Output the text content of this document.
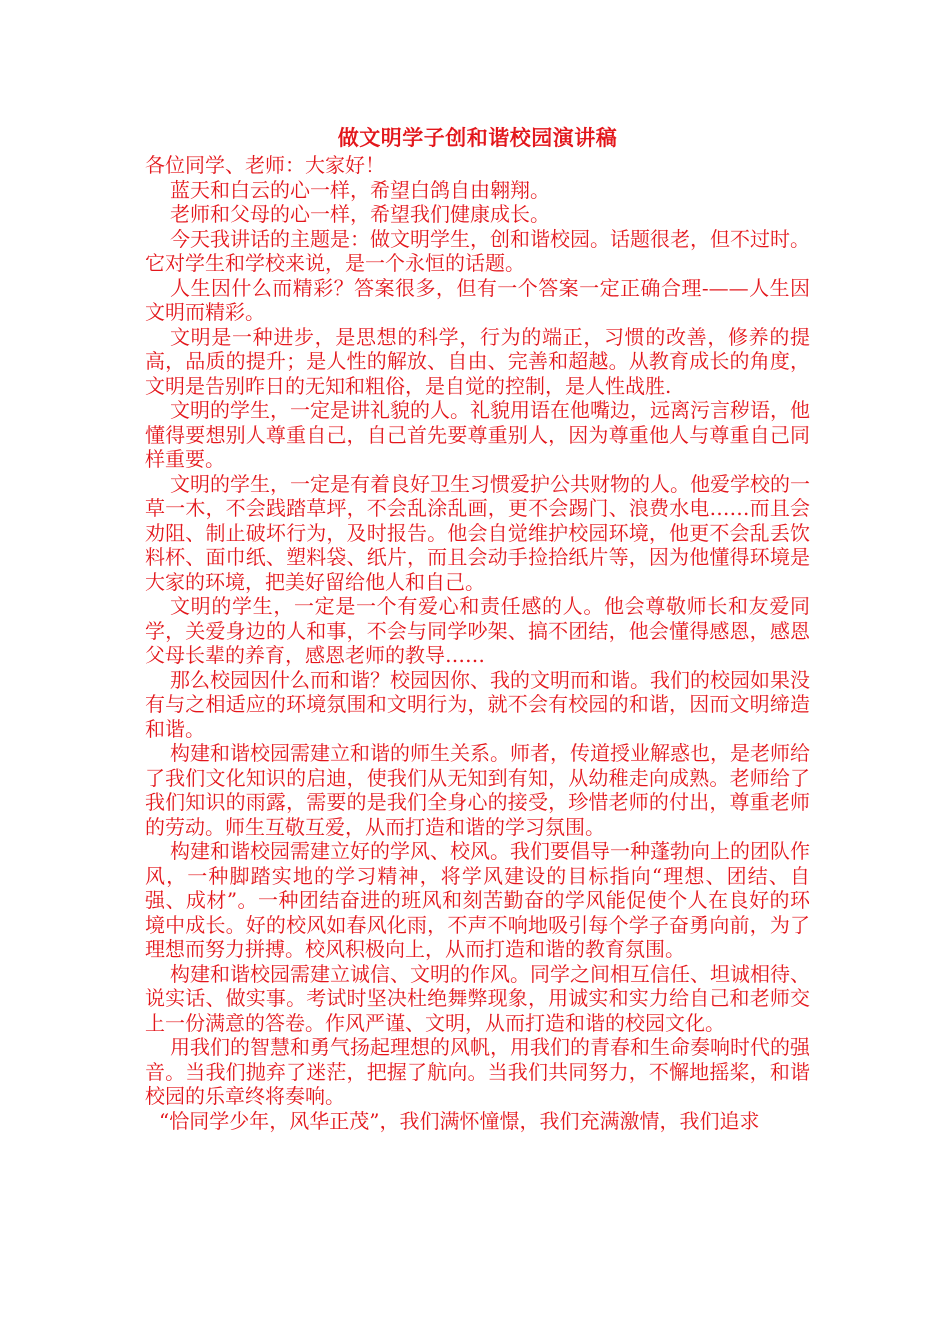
做文明学子创和谐校园演讲稿

各位同学、老师：大家好！

蓝天和白云的心一样，希望白鸽自由翱翔。

老师和父母的心一样，希望我们健康成长。

今天我讲话的主题是：做文明学生，创和谐校园。话题很老，但不过时。它对学生和学校来说，是一个永恒的话题。

人生因什么而精彩？答案很多，但有一个答案一定正确合理-——人生因文明而精彩。

文明是一种进步，是思想的科学，行为的端正，习惯的改善，修养的提高，品质的提升；是人性的解放、自由、完善和超越。从教育成长的角度，文明是告别昨日的无知和粗俗，是自觉的控制，是人性战胜.

文明的学生，一定是讲礼貌的人。礼貌用语在他嘴边，远离污言秽语，他懂得要想别人尊重自己，自己首先要尊重别人，因为尊重他人与尊重自己同样重要。

文明的学生，一定是有着良好卫生习惯爱护公共财物的人。他爱学校的一草一木，不会践踏草坪，不会乱涂乱画，更不会踢门、浪费水电……而且会劝阻、制止破坏行为，及时报告。他会自觉维护校园环境，他更不会乱丢饮料杯、面巾纸、塑料袋、纸片，而且会动手捡拾纸片等，因为他懂得环境是大家的环境，把美好留给他人和自己。

文明的学生，一定是一个有爱心和责任感的人。他会尊敬师长和友爱同学，关爱身边的人和事，不会与同学吵架、搞不团结，他会懂得感恩，感恩父母长辈的养育，感恩老师的教导……

那么校园因什么而和谐？校园因你、我的文明而和谐。我们的校园如果没有与之相适应的环境氛围和文明行为，就不会有校园的和谐，因而文明缔造和谐。

构建和谐校园需建立和谐的师生关系。师者，传道授业解惑也，是老师给了我们文化知识的启迪，使我们从无知到有知，从幼稚走向成熟。老师给了我们知识的雨露，需要的是我们全身心的接受，珍惜老师的付出，尊重老师的劳动。师生互敬互爱，从而打造和谐的学习氛围。

构建和谐校园需建立好的学风、校风。我们要倡导一种蓬勃向上的团队作风，一种脚踏实地的学习精神，将学风建设的目标指向“理想、团结、自强、成材”。一种团结奋进的班风和刻苦勤奋的学风能促使个人在良好的环境中成长。好的校风如春风化雨，不声不响地吸引每个学子奋勇向前，为了理想而努力拼搏。校风积极向上，从而打造和谐的教育氛围。

构建和谐校园需建立诚信、文明的作风。同学之间相互信任、坦诚相待、说实话、做实事。考试时坚决杜绝舞弊现象，用诚实和实力给自己和老师交上一份满意的答卷。作风严谨、文明，从而打造和谐的校园文化。

用我们的智慧和勇气扬起理想的风帆，用我们的青春和生命奏响时代的强音。当我们抛弃了迷茫，把握了航向。当我们共同努力，不懈地摇桨，和谐校园的乐章终将奏响。

“恰同学少年，风华正茂”，我们满怀憧憬，我们充满激情，我们追求
